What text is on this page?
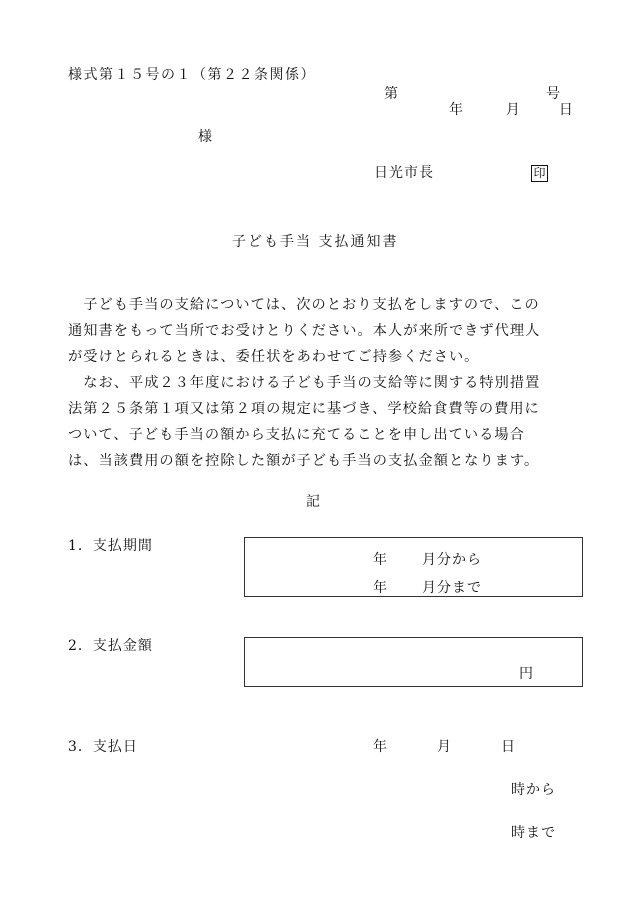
様式第１５号の１（第２２条関係）
第	号
年	月	日
様
日光市長	印
子ども手当 支払通知書
　子ども手当の支給については、次のとおり支払をしますので、この
通知書をもって当所でお受けとりください。本人が来所できず代理人
が受けとられるときは、委任状をあわせてご持参ください。
　なお、平成２３年度における子ども手当の支給等に関する特別措置
法第２５条第１項又は第２項の規定に基づき、学校給食費等の費用に
ついて、子ども手当の額から支払に充てることを申し出ている場合
は、当該費用の額を控除した額が子ども手当の支払金額となります。
記
1．支払期間
年 月分から
年 月分まで
2．支払金額
円
3．支払日	年	月	日
時から
時まで
